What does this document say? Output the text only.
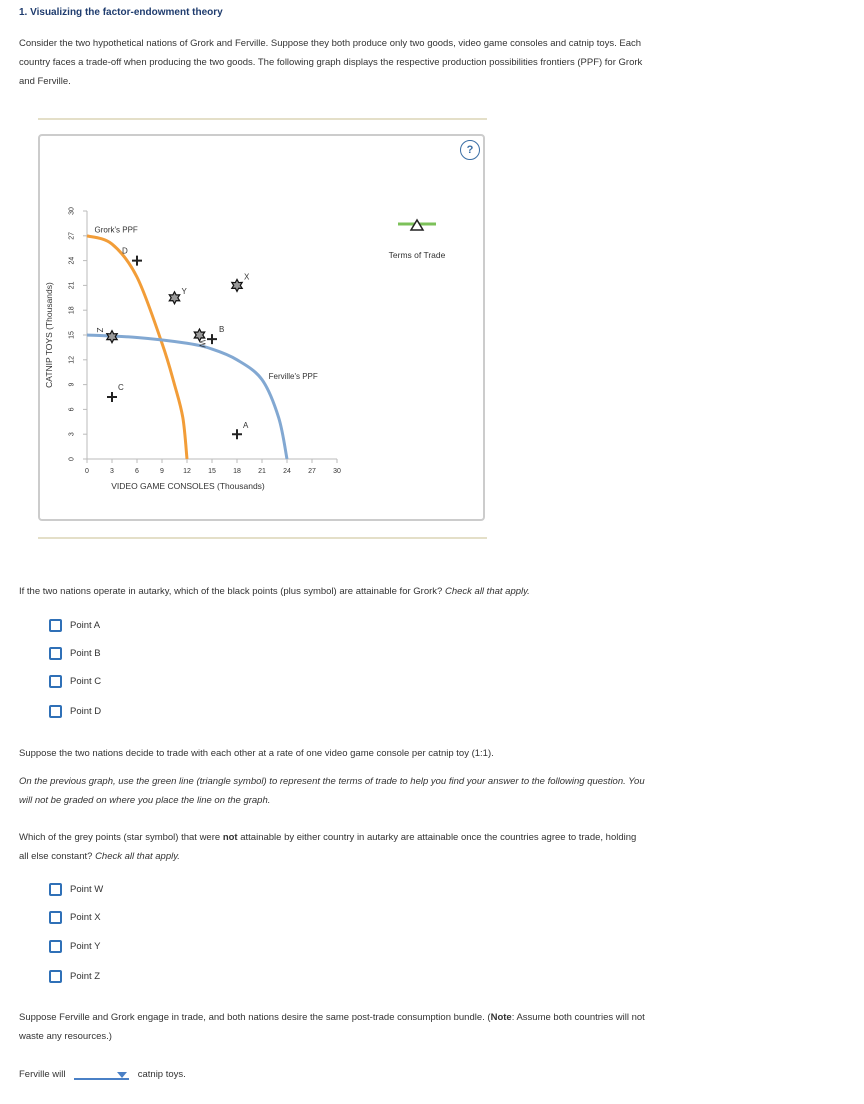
1. Visualizing the factor-endowment theory
Consider the two hypothetical nations of Grork and Ferville. Suppose they both produce only two goods, video game consoles and catnip toys. Each
country faces a trade-off when producing the two goods. The following graph displays the respective production possibilities frontiers (PPF) for Grork
and Ferville.
?
0	3	6	9	12 15 18 21 24 27 30
0
3
6
9
12
15
18
21
24
27
30
VIDEO GAME CONSOLES (Thousands)
CATNIP TOYS (Thousands)
Grork's PPF
Ferville's PPF
A
B
C
D
W
X
Y
Z
Terms of Trade
If the two nations operate in autarky, which of the black points (plus symbol) are attainable for Grork? Check all that apply.
Point A
Point B
Point C
Point D
Suppose the two nations decide to trade with each other at a rate of one video game console per catnip toy (1:1).
On the previous graph, use the green line (triangle symbol) to represent the terms of trade to help you find your answer to the following question. You
will not be graded on where you place the line on the graph.
Which of the grey points (star symbol) that were not attainable by either country in autarky are attainable once the countries agree to trade, holding
all else constant? Check all that apply.
Point W
Point X
Point Y
Point Z
Suppose Ferville and Grork engage in trade, and both nations desire the same post-trade consumption bundle. (Note: Assume both countries will not
waste any resources.)
Ferville will	catnip toys.
